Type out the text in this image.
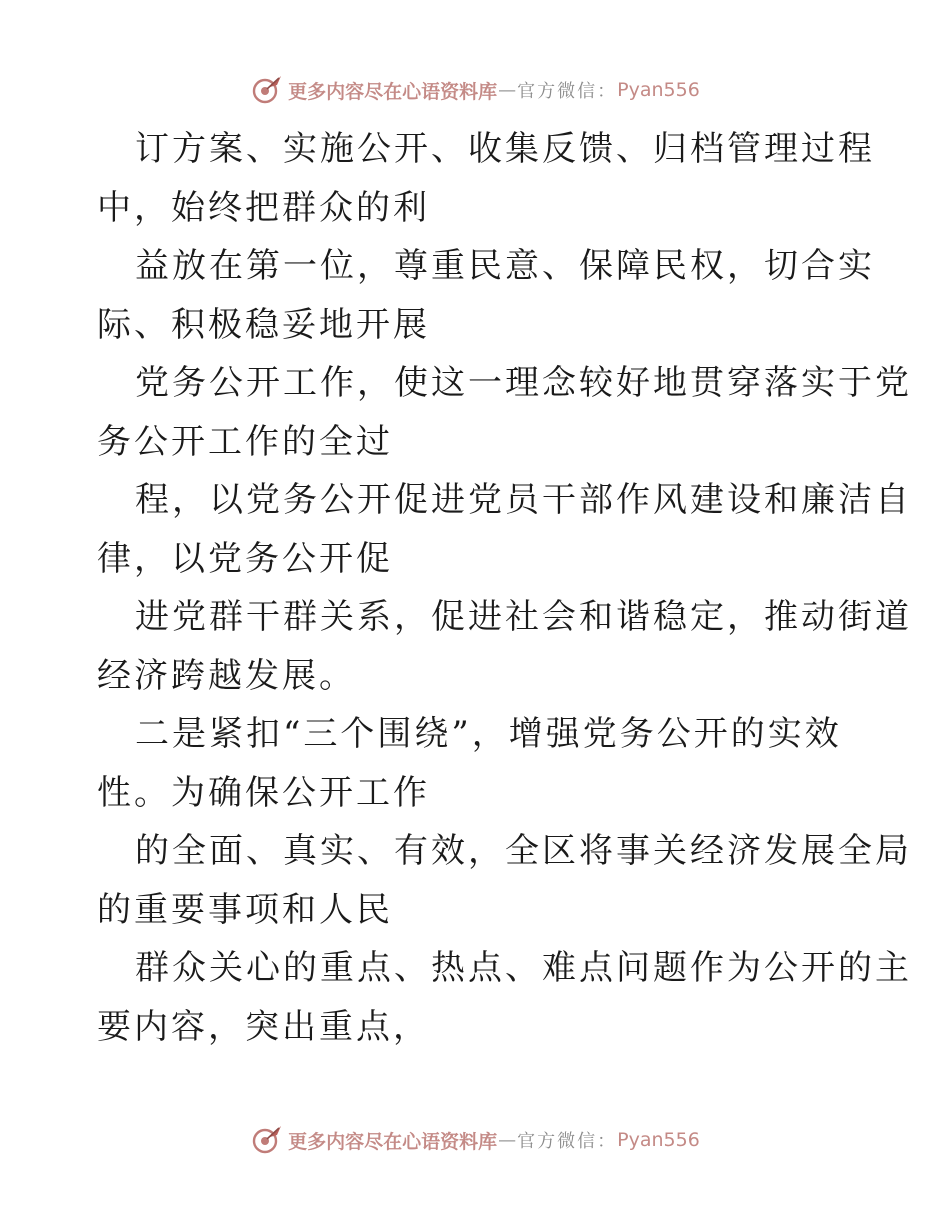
更多内容尽在心语资料库 — 官方微信： Pyan556

订方案、实施公开、收集反馈、归档管理过程
中，始终把群众的利

益放在第一位，尊重民意、保障民权，切合实
际、积极稳妥地开展

党务公开工作，使这一理念较好地贯穿落实于党
务公开工作的全过

程，以党务公开促进党员干部作风建设和廉洁自
律，以党务公开促

进党群干群关系，促进社会和谐稳定，推动街道
经济跨越发展。

二是紧扣“三个围绕”，增强党务公开的实效
性。为确保公开工作

的全面、真实、有效，全区将事关经济发展全局
的重要事项和人民

群众关心的重点、热点、难点问题作为公开的主
要内容，突出重点，

更多内容尽在心语资料库 — 官方微信： Pyan556
